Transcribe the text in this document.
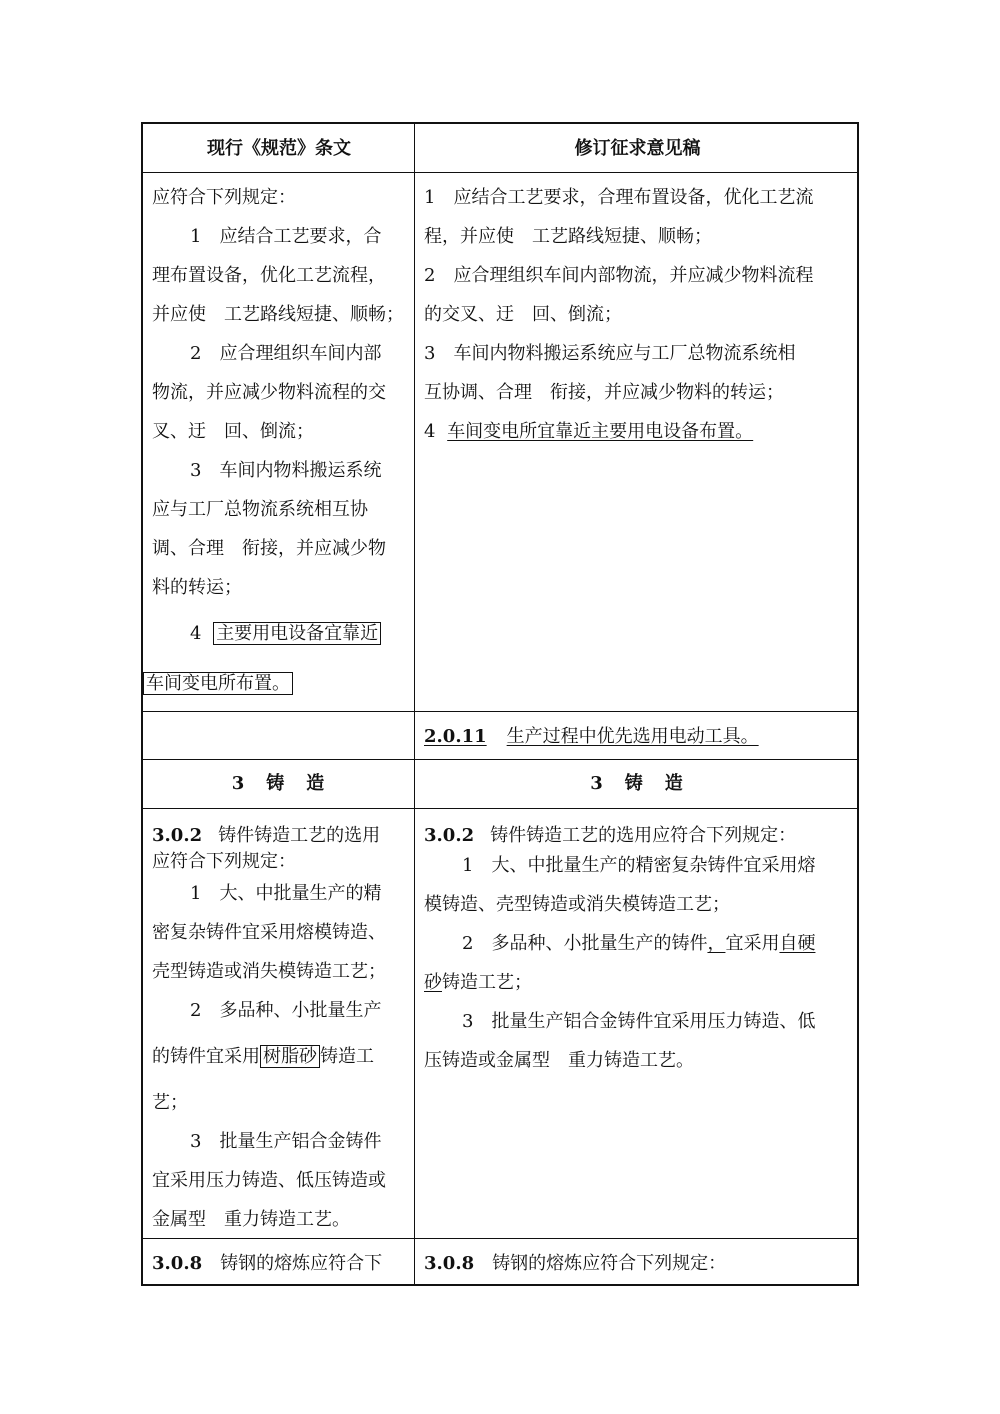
现行《规范》条文	修订征求意见稿
应符合下列规定：
1　应结合工艺要求，合
理布置设备，优化工艺流程，
并应使　工艺路线短捷、顺畅；
2　应合理组织车间内部
物流，并应减少物料流程的交
叉、迂　回、倒流；
3　车间内物料搬运系统
应与工厂总物流系统相互协
调、合理　衔接，并应减少物
料的转运；
4 主要用电设备宜靠近
车间变电所布置。
1　应结合工艺要求，合理布置设备，优化工艺流
程，并应使　工艺路线短捷、顺畅；
2　应合理组织车间内部物流，并应减少物料流程
的交叉、迂　回、倒流；
3　车间内物料搬运系统应与工厂总物流系统相
互协调、合理　衔接，并应减少物料的转运；
4 车间变电所宜靠近主要用电设备布置。
2.0.11 生产过程中优先选用电动工具。
3　铸　造	3　铸　造
3.0.2 铸件铸造工艺的选用
应符合下列规定：
1　大、中批量生产的精
密复杂铸件宜采用熔模铸造、
壳型铸造或消失模铸造工艺；
2　多品种、小批量生产
的铸件宜采用 树脂砂 铸造工
艺；
3　批量生产铝合金铸件
宜采用压力铸造、低压铸造或
金属型　重力铸造工艺。
3.0.2 铸件铸造工艺的选用应符合下列规定：
1　大、中批量生产的精密复杂铸件宜采用熔
模铸造、壳型铸造或消失模铸造工艺；
2　多品种、小批量生产的铸件，宜采用自硬
砂铸造工艺；
3　批量生产铝合金铸件宜采用压力铸造、低
压铸造或金属型　重力铸造工艺。
3.0.8 铸钢的熔炼应符合下 3.0.8 铸钢的熔炼应符合下列规定：
